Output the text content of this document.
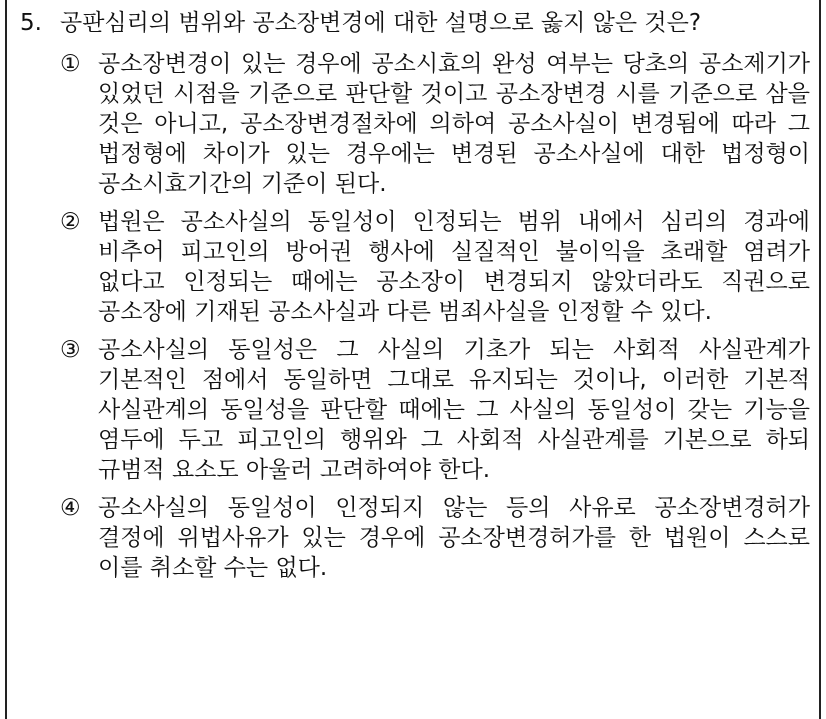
5. 공판심리의 범위와 공소장변경에 대한 설명으로 옳지 않은 것은?
① 공소장변경이 있는 경우에 공소시효의 완성 여부는 당초의 공소제기가 있었던 시점을 기준으로 판단할 것이고 공소장변경 시를 기준으로 삼을 것은 아니고, 공소장변경절차에 의하여 공소사실이 변경됨에 따라 그 법정형에 차이가 있는 경우에는 변경된 공소사실에 대한 법정형이 공소시효기간의 기준이 된다.
② 법원은 공소사실의 동일성이 인정되는 범위 내에서 심리의 경과에 비추어 피고인의 방어권 행사에 실질적인 불이익을 초래할 염려가 없다고 인정되는 때에는 공소장이 변경되지 않았더라도 직권으로 공소장에 기재된 공소사실과 다른 범죄사실을 인정할 수 있다.
③ 공소사실의 동일성은 그 사실의 기초가 되는 사회적 사실관계가 기본적인 점에서 동일하면 그대로 유지되는 것이나, 이러한 기본적 사실관계의 동일성을 판단할 때에는 그 사실의 동일성이 갖는 기능을 염두에 두고 피고인의 행위와 그 사회적 사실관계를 기본으로 하되 규범적 요소도 아울러 고려하여야 한다.
④ 공소사실의 동일성이 인정되지 않는 등의 사유로 공소장변경허가 결정에 위법사유가 있는 경우에 공소장변경허가를 한 법원이 스스로 이를 취소할 수는 없다.
